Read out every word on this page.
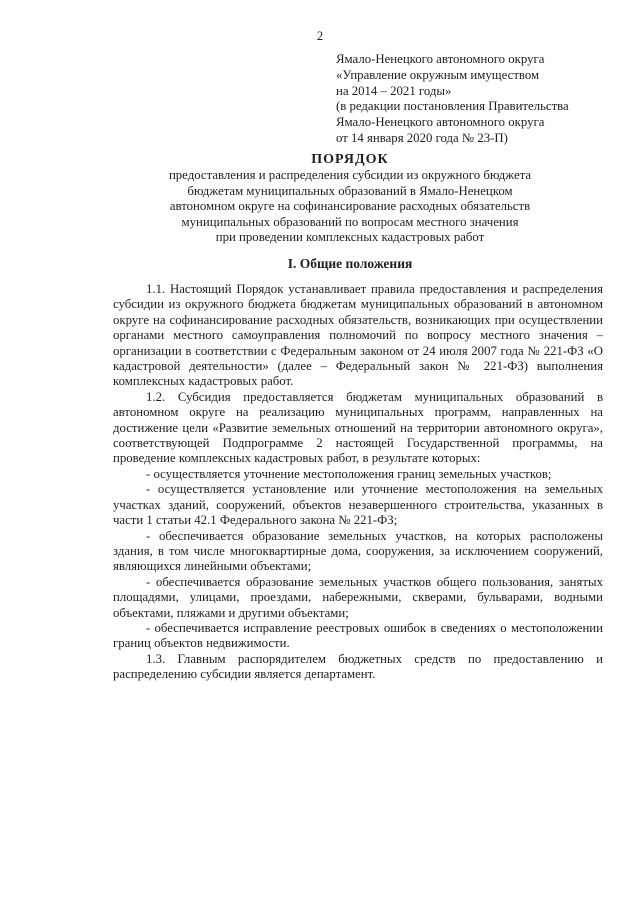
2
Ямало-Ненецкого автономного округа
«Управление окружным имуществом
на 2014 – 2021 годы»
(в редакции постановления Правительства
Ямало-Ненецкого автономного округа
от 14 января 2020 года № 23-П)
ПОРЯДОК
предоставления и распределения субсидии из окружного бюджета
бюджетам муниципальных образований в Ямало-Ненецком
автономном округе на софинансирование расходных обязательств
муниципальных образований по вопросам местного значения
при проведении комплексных кадастровых работ
I. Общие положения

1.1. Настоящий Порядок устанавливает правила предоставления и распределения субсидии из окружного бюджета бюджетам муниципальных образований в автономном округе на софинансирование расходных обязательств, возникающих при осуществлении органами местного самоуправления полномочий по вопросу местного значения – организации в соответствии с Федеральным законом от 24 июля 2007 года № 221-ФЗ «О кадастровой деятельности» (далее – Федеральный закон № 221-ФЗ) выполнения комплексных кадастровых работ.

1.2. Субсидия предоставляется бюджетам муниципальных образований в автономном округе на реализацию муниципальных программ, направленных на достижение цели «Развитие земельных отношений на территории автономного округа», соответствующей Подпрограмме 2 настоящей Государственной программы, на проведение комплексных кадастровых работ, в результате которых:

- осуществляется уточнение местоположения границ земельных участков;

- осуществляется установление или уточнение местоположения на земельных участках зданий, сооружений, объектов незавершенного строительства, указанных в части 1 статьи 42.1 Федерального закона № 221-ФЗ;

- обеспечивается образование земельных участков, на которых расположены здания, в том числе многоквартирные дома, сооружения, за исключением сооружений, являющихся линейными объектами;

- обеспечивается образование земельных участков общего пользования, занятых площадями, улицами, проездами, набережными, скверами, бульварами, водными объектами, пляжами и другими объектами;

- обеспечивается исправление реестровых ошибок в сведениях о местоположении границ объектов недвижимости.

1.3. Главным распорядителем бюджетных средств по предоставлению и распределению субсидии является департамент.
